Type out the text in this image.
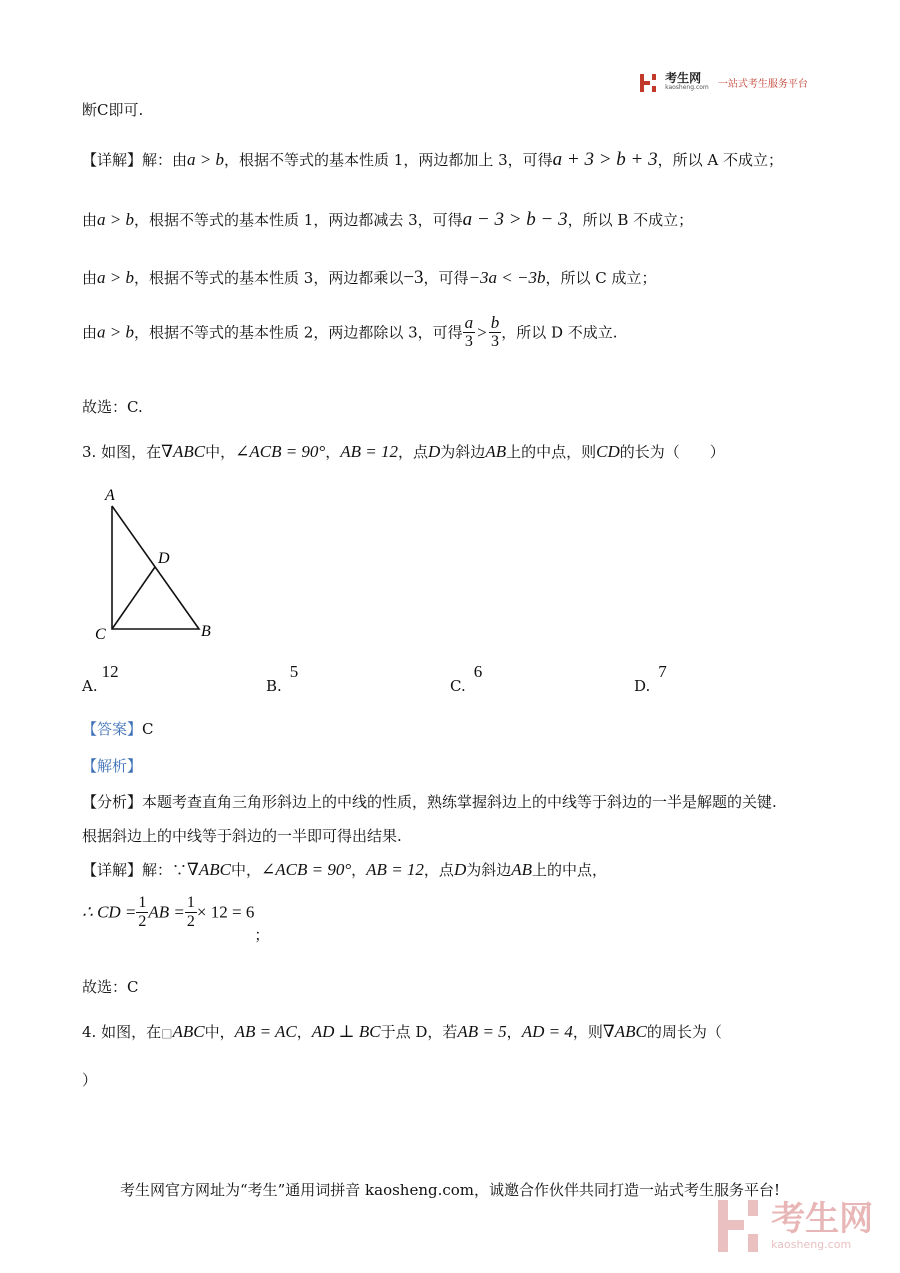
考生网
kaosheng.com 一站式考生服务平台
断C即可.
【详解】解：由a > b，根据不等式的基本性质 1，两边都加上 3，可得a + 3 > b + 3，所以 A 不成立；
由a > b，根据不等式的基本性质 1，两边都减去 3，可得a − 3 > b − 3，所以 B 不成立；
由a > b，根据不等式的基本性质 3，两边都乘以−3，可得−3a < −3b，所以 C 成立；
由a > b，根据不等式的基本性质 2，两边都除以 3，可得 $\frac{a}{3} > \frac{b}{3}$ ，所以 D 不成立.
故选：C.
3. 如图，在∇ABC中，∠ACB = 90°，AB = 12，点D为斜边AB上的中点，则CD的长为（　　）
A
C	B
D
A.12
B.5
C.6
D.7
【答案】C
【解析】
【分析】本题考查直角三角形斜边上的中线的性质，熟练掌握斜边上的中线等于斜边的一半是解题的关键.
根据斜边上的中线等于斜边的一半即可得出结果.
【详解】解：∵∇ABC中，∠ACB = 90°，AB = 12，点D为斜边AB上的中点，
∴ CD = $\frac{1}{2}$ AB = $\frac{1}{2} \times 12 = 6$；
故选：C
4. 如图，在□ABC中，AB = AC，AD ⊥ BC于点 D，若AB = 5，AD = 4，则∇ABC的周长为（
）
考生网官方网址为“考生”通用词拼音 kaosheng.com，诚邀合作伙伴共同打造一站式考生服务平台!

考生网
kaosheng.com
